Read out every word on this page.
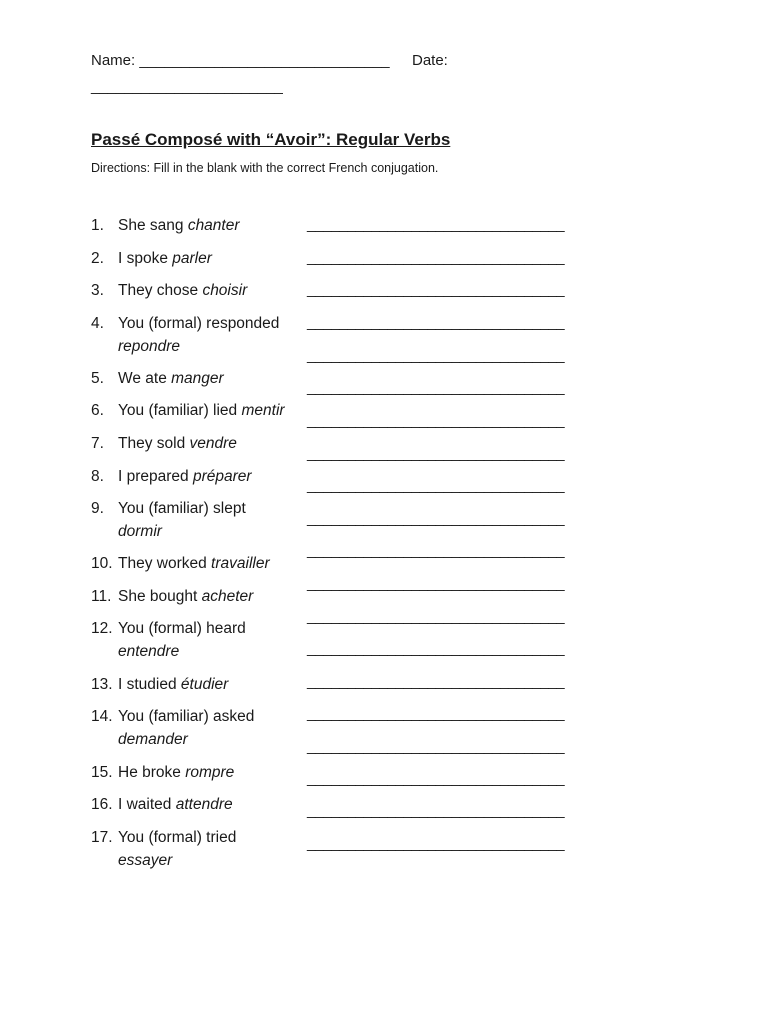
Name: ______________________________ Date:
_______________________
Passé Composé with “Avoir”: Regular Verbs
Directions: Fill in the blank with the correct French conjugation.
1. She sang chanter
2. I spoke parler
3. They chose choisir
4. You (formal) responded
repondre
5. We ate manger
6. You (familiar) lied mentir
7. They sold vendre
8. I prepared préparer
9. You (familiar) slept
dormir
10. They worked travailler
11. She bought acheter
12. You (formal) heard
entendre
13. I studied étudier
14. You (familiar) asked
demander
15. He broke rompre
16. I waited attendre
17. You (formal) tried
essayer
________________________________
________________________________
________________________________
________________________________
________________________________
________________________________
________________________________
________________________________
________________________________
________________________________
________________________________
________________________________
________________________________
________________________________
________________________________
________________________________
________________________________
________________________________
________________________________
________________________________
